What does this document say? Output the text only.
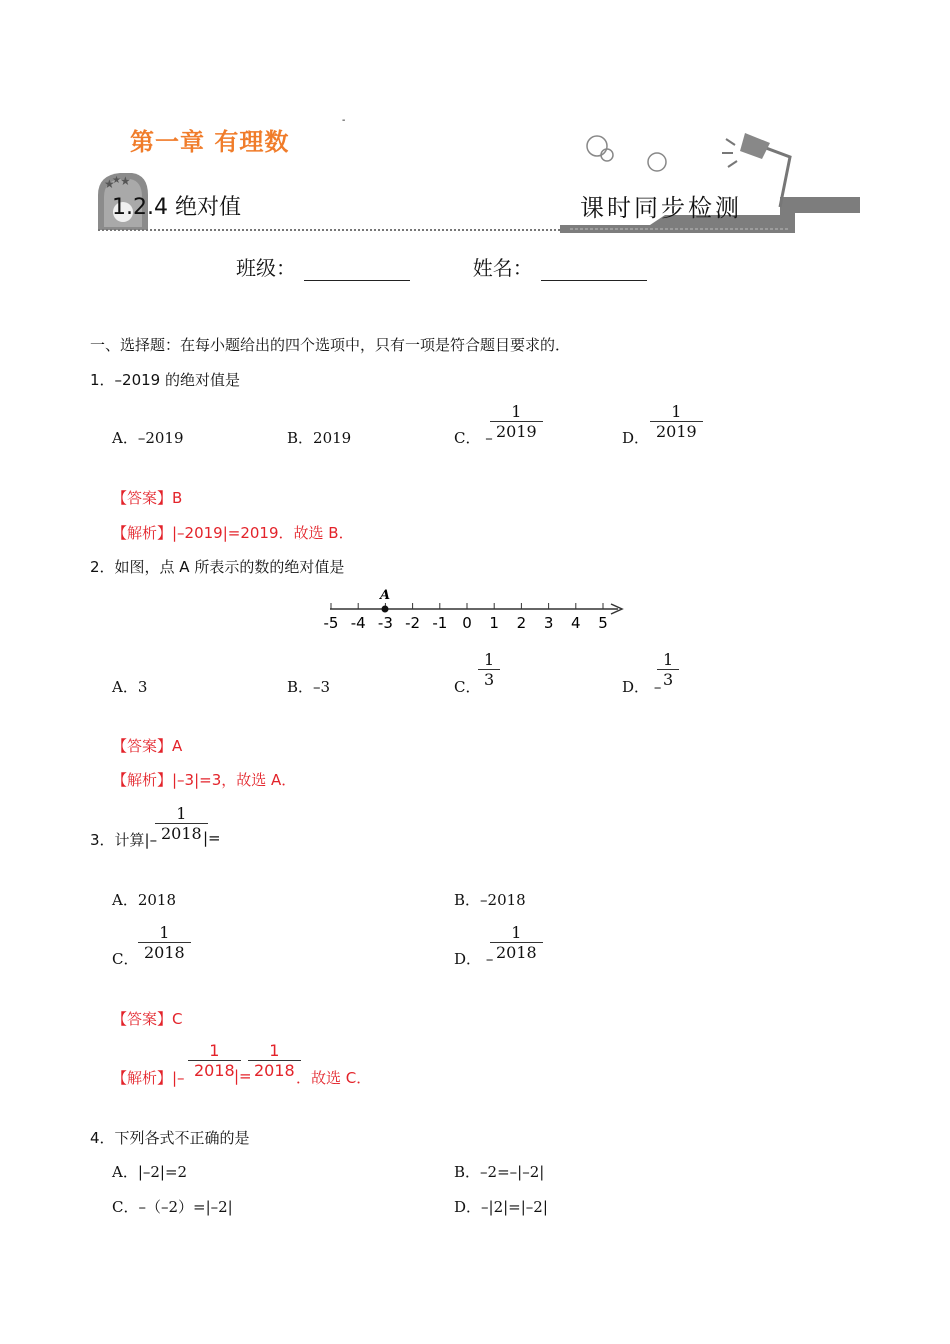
★ ★
★
第一章 有理数
-
1.2.4 绝对值	课时同步检测
班级：	姓名：
一、选择题：在每小题给出的四个选项中，只有一项是符合题目要求的．
1．–2019 的绝对值是
A．–2019	B．2019	C． –
$\frac{1}{2019}$	D． $\frac{1}{2019}$
【答案】B
【解析】|–2019|=2019．故选 B．
2．如图，点 A 所表示的数的绝对值是
-5 -4 -3 -2 -1 0 1 2 3 4 5
A
A．3	B．–3	C．
$\frac{1}{3}$	D． –
$\frac{1}{3}$
【答案】A
【解析】|–3|=3，故选 A．
3．计算|–
$\frac{1}{2018}$
|=
A．2018	B．–2018
C． $\frac{1}{2018}$	D． –
$\frac{1}{2018}$
【答案】C
【解析】|– $\frac{1}{2018}$
|=
$\frac{1}{2018}$
．故选 C．
4．下列各式不正确的是
A．|–2|=2	B．–2=–|–2|
C．–（–2）=|–2|	D．–|2|=|–2|
